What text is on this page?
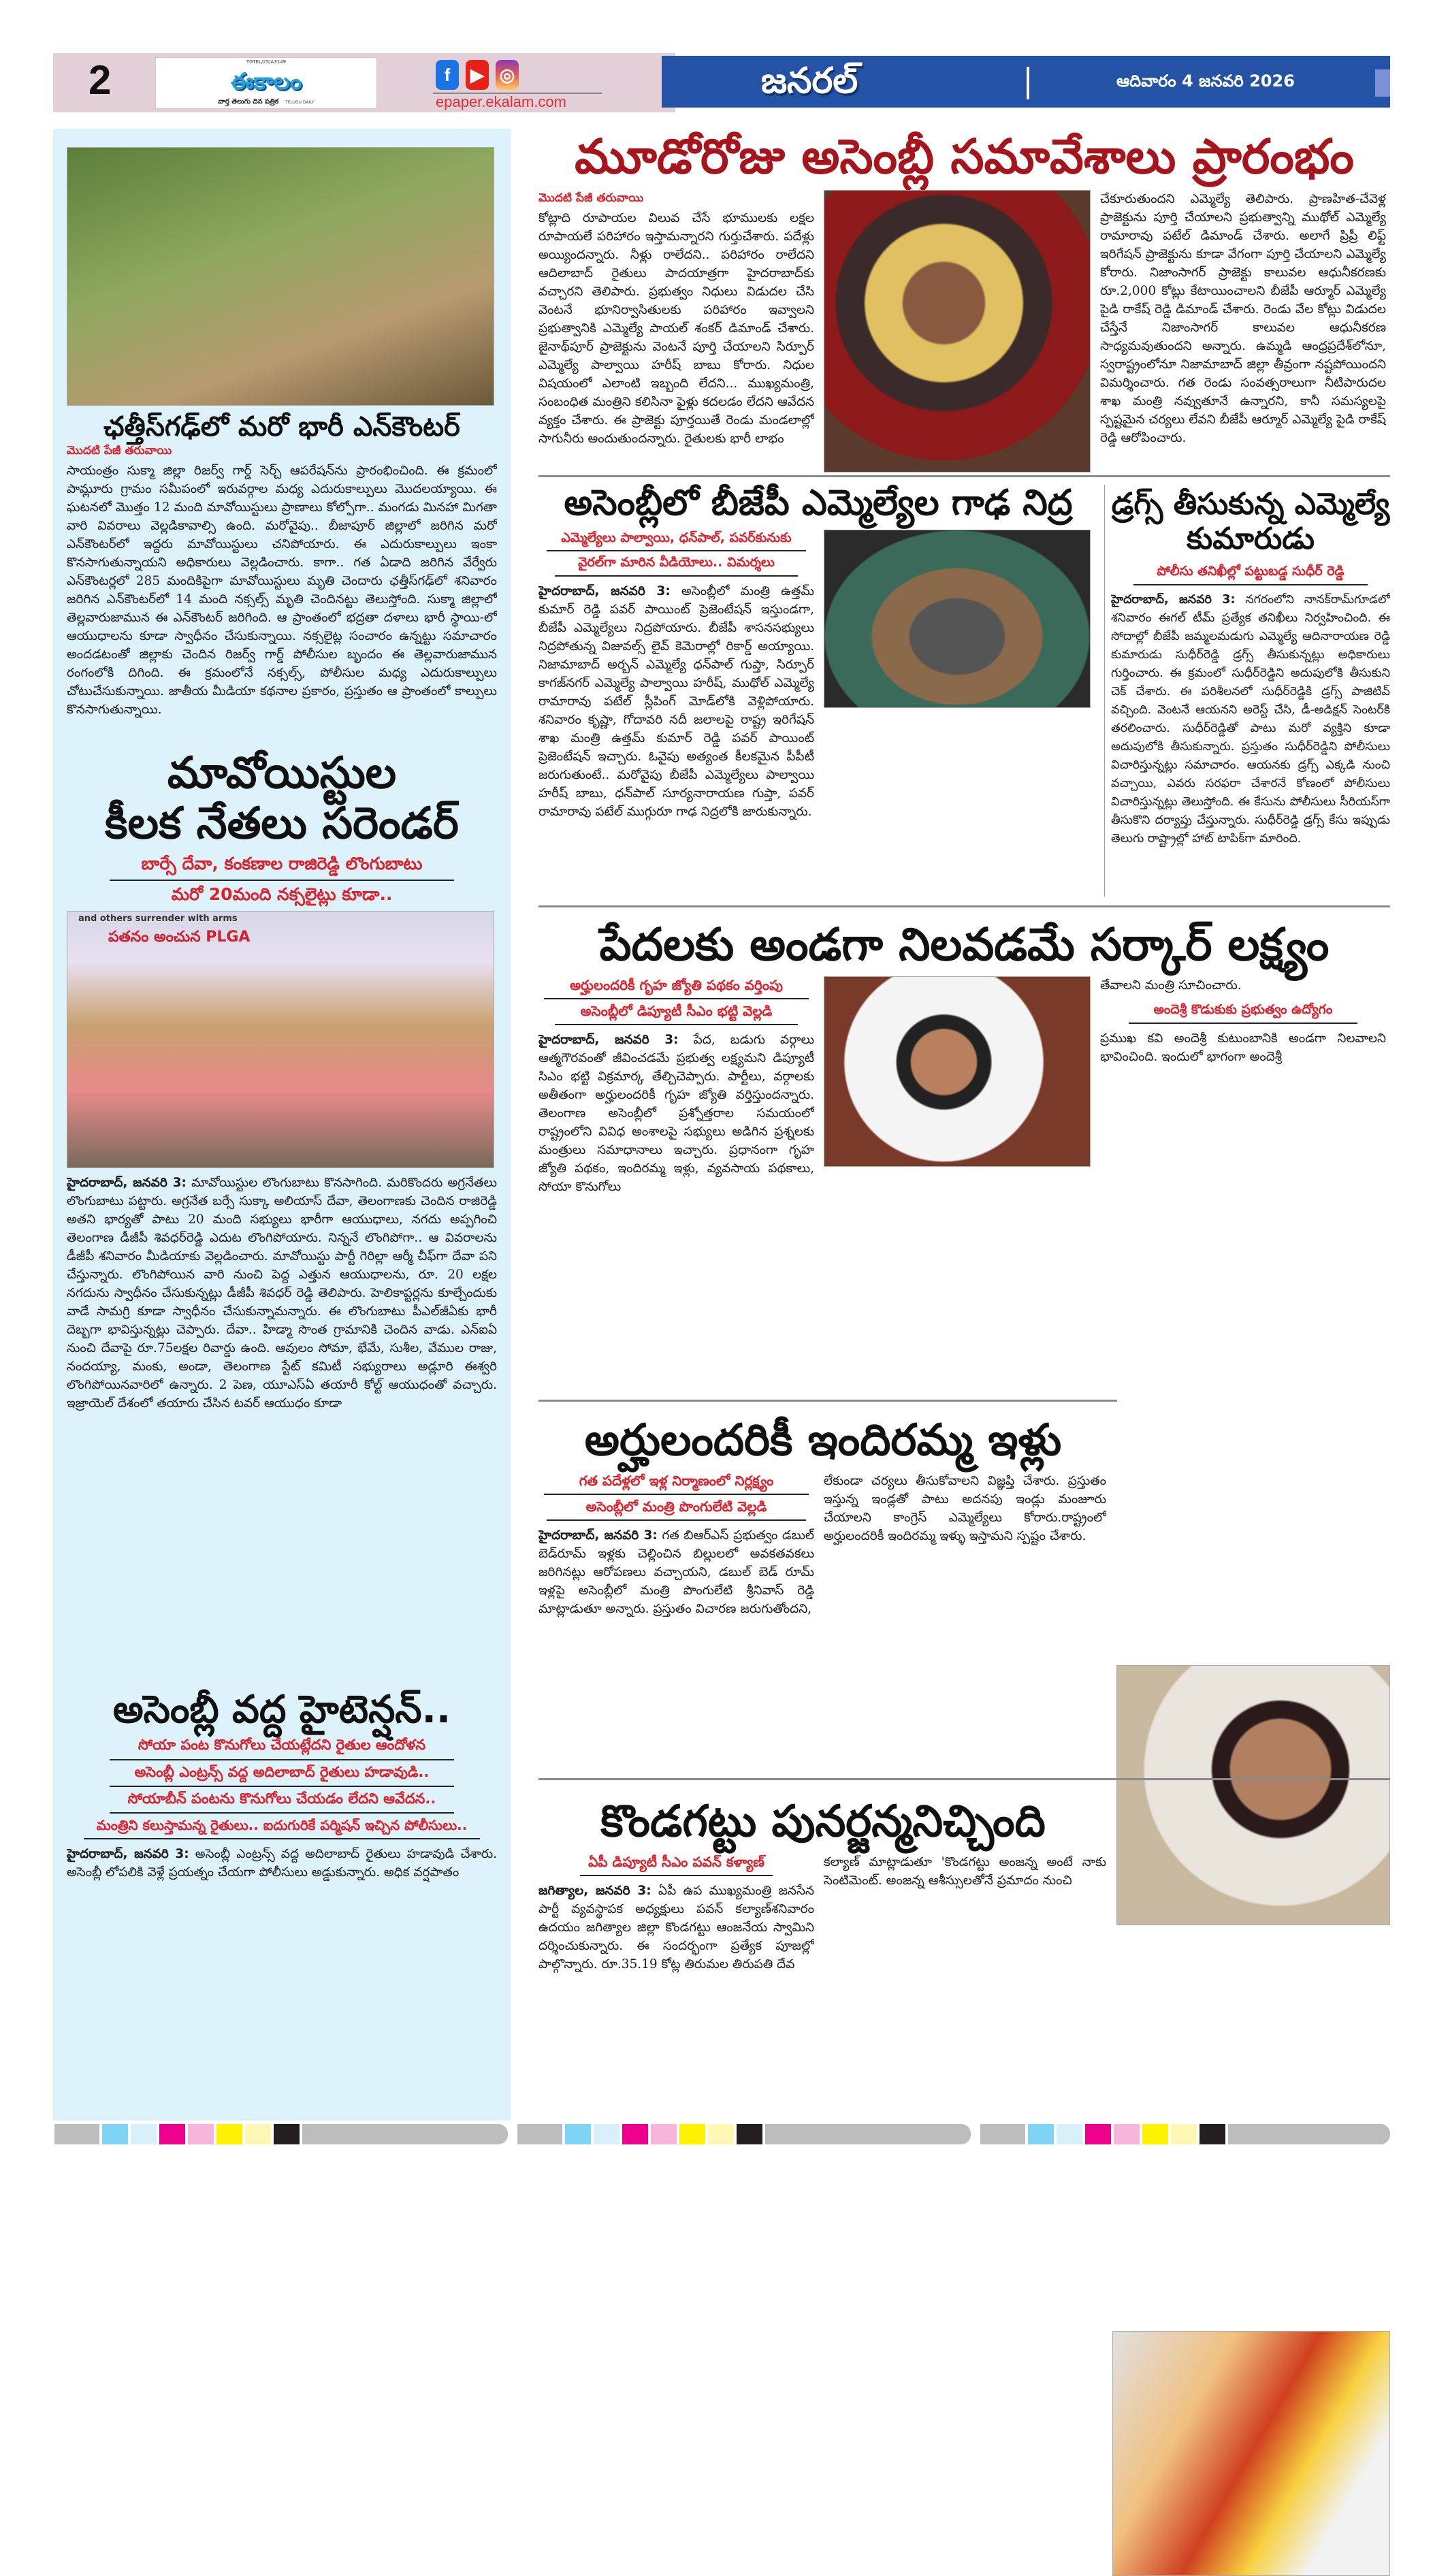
2	TGTEL/25/A3149
ఈకాలం
వార్త తెలుగు దిన పత్రిక TELUGU DAILY
f	▶ ◎
epaper.ekalam.com
జనరల్	ఆదివారం 4 జనవరి 2026
ఛత్తీస్‌గఢ్‌లో మరో భారీ ఎన్‌కౌంటర్
మొదటి పేజీ తరువాయి
సాయంత్రం సుక్మా జిల్లా రిజర్వ్ గార్డ్ సెర్చ్ ఆపరేషన్‌ను ప్రారంభించింది. ఈ క్రమంలో పామ్లూరు గ్రామం సమీపంలో ఇరువర్గాల మధ్య ఎదురుకాల్పులు మొదలయ్యాయి. ఈ ఘటనలో మొత్తం 12 మంది మావోయిస్టులు ప్రాణాలు కోల్పోగా.. మంగడు మినహా మిగతా వారి వివరాలు వెల్లడికావాల్సి ఉంది. మరోవైపు.. బీజాపూర్ జిల్లాలో జరిగిన మరో ఎన్‌కౌంటర్‌లో ఇద్దరు మావోయిస్టులు చనిపోయారు. ఈ ఎదురుకాల్పులు ఇంకా కొనసాగుతున్నాయని అధికారులు వెల్లడించారు. కాగా.. గత ఏడాది జరిగిన వేర్వేరు ఎన్‌కౌంటర్లలో 285 మందికిపైగా మావోయిస్టులు మృతి చెందారు ఛత్తీస్‌గఢ్‌లో శనివారం జరిగిన ఎన్‌కౌంటర్‌లో 14 మంది నక్సల్స్ మృతి చెందినట్టు తెలుస్తోంది. సుక్మా జిల్లాలో తెల్లవారుజామున ఈ ఎన్‌కౌంటర్ జరిగింది. ఆ ప్రాంతంలో భద్రతా దళాలు భారీ స్థాయి-లో ఆయుధాలను కూడా స్వాధీనం చేసుకున్నాయి. నక్సలైట్ల సంచారం ఉన్నట్టు సమాచారం అందడటంతో జిల్లాకు చెందిన రిజర్వ్ గార్డ్ పోలీసుల బృందం ఈ తెల్లవారుజామున రంగంలోకి దిగింది. ఈ క్రమంలోనే నక్సల్స్, పోలీసుల మధ్య ఎదురుకాల్పులు చోటుచేసుకున్నాయి. జాతీయ మీడియా కథనాల ప్రకారం, ప్రస్తుతం ఆ ప్రాంతంలో కాల్పులు కొనసాగుతున్నాయి.
మావోయిస్టుల
కీలక నేతలు సరెండర్
బార్సే దేవా, కంకణాల రాజిరెడ్డి లొంగుబాటు
మరో 20మంది నక్సలైట్లు కూడా..
and others surrender with arms
పతనం అంచున PLGA
హైదరాబాద్, జనవరి 3: మావోయిస్టుల లొంగుబాటు కొనసాగింది. మరికొందరు అగ్రనేతలు లొంగుబాటు పట్టారు. అగ్రనేత బర్సే సుక్కా అలియాస్ దేవా, తెలంగాణకు చెందిన రాజిరెడ్డి అతని భార్యతో పాటు 20 మంది సభ్యులు భారీగా ఆయుధాలు, నగదు అప్పగించి తెలంగాణ డీజీపీ శివధర్‌రెడ్డి ఎదుట లొంగిపోయారు. నిన్ననే లొంగిపోగా.. ఆ వివరాలను డీజీపీ శనివారం మీడియాకు వెల్లడించారు. మావోయిస్టు పార్టీ గెరిల్లా ఆర్మీ చీఫ్‌గా దేవా పని చేస్తున్నారు. లొంగిపోయిన వారి నుంచి పెద్ద ఎత్తున ఆయుధాలను, రూ. 20 లక్షల నగదును స్వాధీనం చేసుకున్నట్లు డీజీపీ శివధర్ రెడ్డి తెలిపారు. హెలికాప్టర్లను కూల్చేందుకు వాడే సామగ్రి కూడా స్వాధీనం చేసుకున్నామన్నారు. ఈ లొంగుబాటు పీఎల్‌జీఏకు భారీ దెబ్బగా భావిస్తున్నట్లు చెప్పారు. దేవా.. హిడ్మా సొంత గ్రామానికి చెందిన వాడు. ఎన్ఐఏ నుంచి దేవాపై రూ.75లక్షల రివార్డు ఉంది. ఆవులం సోమా, భేమే, సుశీల, వేముల రాజు, నందయ్యా, మంకు, అండా, తెలంగాణ స్టేట్ కమిటీ సభ్యురాలు అడ్లూరి ఈశ్వరి లొంగిపోయినవారిలో ఉన్నారు. 2 పెణ, యూఎస్ఏ తయారీ కోల్ట్ ఆయుధంతో వచ్చారు. ఇజ్రాయెల్ దేశంలో తయారు చేసిన టవర్ ఆయుధం కూడా
అసెంబ్లీ వద్ద హైటెన్షన్..
సోయా పంట కొనుగోలు చేయట్లేదని రైతుల ఆందోళన
అసెంబ్లీ ఎంట్రన్స్ వద్ద అదిలాబాద్ రైతులు హడావుడి..
సోయాబీన్ పంటను కొనుగోలు చేయడం లేదని ఆవేదన..
మంత్రిని కలుస్తామన్న రైతులు.. ఐదుగురికే పర్మిషన్ ఇచ్చిన పోలీసులు..
హైదరాబాద్, జనవరి 3: అసెంబ్లీ ఎంట్రన్స్ వద్ద అదిలాబాద్ రైతులు హడావుడి చేశారు. అసెంబ్లీ లోపలికి వెళ్లే ప్రయత్నం చేయగా పోలీసులు అడ్డుకున్నారు. అధిక వర్షపాతం
మూడోరోజు అసెంబ్లీ సమావేశాలు ప్రారంభం
మొదటి పేజీ తరువాయి
కోట్లాది రూపాయల విలువ చేసే భూములకు లక్షల రూపాయలే పరిహారం ఇస్తామన్నారని గుర్తుచేశారు. పదేళ్లు అయ్యిందన్నారు. నీళ్లు రాలేదని.. పరిహారం రాలేదని ఆదిలాబాద్ రైతులు పాదయాత్రగా హైదరాబాద్‌కు వచ్చారని తెలిపారు. ప్రభుత్వం నిధులు విడుదల చేసి వెంటనే భూనిర్వాసితులకు పరిహారం ఇవ్వాలని ప్రభుత్వానికి ఎమ్మెల్యే పాయల్ శంకర్ డిమాండ్ చేశారు. జైనాథ్‌పూర్ ప్రాజెక్టును వెంటనే పూర్తి చేయాలని సిర్పూర్ ఎమ్మెల్యే పాల్వాయి హరీష్ బాబు కోరారు. నిధుల విషయంలో ఎలాంటి ఇబ్బంది లేదని... ముఖ్యమంత్రి, సంబంధిత మంత్రిని కలిసినా ఫైళ్లు కదలడం లేదని ఆవేదన వ్యక్తం చేశారు. ఈ ప్రాజెక్టు పూర్తయితే రెండు మండలాల్లో సాగునీరు అందుతుందన్నారు. రైతులకు భారీ లాభం
చేకూరుతుందని ఎమ్మెల్యే తెలిపారు. ప్రాణహిత-చేవెళ్ల ప్రాజెక్టును పూర్తి చేయాలని ప్రభుత్వాన్ని ముథోల్ ఎమ్మెల్యే రామారావు పటేల్ డిమాండ్ చేశారు. అలాగే ప్రిప్రీ లిఫ్ట్ ఇరిగేషన్ ప్రాజెక్టును కూడా వేగంగా పూర్తి చేయాలని ఎమ్మెల్యే కోరారు. నిజాంసాగర్ ప్రాజెక్టు కాలువల ఆధునీకరణకు రూ.2,000 కోట్లు కేటాయించాలని బీజేపీ ఆర్మూర్ ఎమ్మెల్యే పైడి రాకేష్ రెడ్డి డిమాండ్ చేశారు. రెండు వేల కోట్లు విడుదల చేస్తేనే నిజాంసాగర్ కాలువల ఆధునీకరణ సాధ్యమవుతుందని అన్నారు. ఉమ్మడి ఆంధ్రప్రదేశ్‌లోనూ, స్వరాష్ట్రంలోనూ నిజామాబాద్ జిల్లా తీవ్రంగా నష్టపోయిందని విమర్శించారు. గత రెండు సంవత్సరాలుగా నీటిపారుదల శాఖ మంత్రి నవ్వుతూనే ఉన్నారని, కానీ సమస్యలపై స్పష్టమైన చర్యలు లేవని బీజేపీ ఆర్మూర్ ఎమ్మెల్యే పైడి రాకేష్ రెడ్డి ఆరోపించారు.
అసెంబ్లీలో బీజేపీ ఎమ్మెల్యేల గాఢ నిద్ర
ఎమ్మెల్యేలు పాల్వాయి, ధన్‌పాల్, పవర్‌కునుకు
వైరల్‌గా మారిన వీడియోలు.. విమర్శలు
హైదరాబాద్, జనవరి 3: అసెంబ్లీలో మంత్రి ఉత్తమ్ కుమార్ రెడ్డి పవర్ పాయింట్ ప్రెజెంటేషన్ ఇస్తుండగా, బీజేపీ ఎమ్మెల్యేలు నిద్రపోయారు. బీజేపీ శాసనసభ్యులు నిద్రపోతున్న విజువల్స్ లైవ్ కెమెరాల్లో రికార్డ్ అయ్యాయి. నిజామాబాద్ అర్బన్ ఎమ్మెల్యే ధన్‌పాల్ గుప్తా, సిర్పూర్ కాగజ్‌నగర్ ఎమ్మెల్యే పాల్వాయి హరీష్, ముథోల్ ఎమ్మెల్యే రామారావు పటేల్ స్లీపింగ్ మోడ్‌లోకి వెళ్లిపోయారు. శనివారం కృష్ణా, గోదావరి నదీ జలాలపై రాష్ట్ర ఇరిగేషన్ శాఖ మంత్రి ఉత్తమ్ కుమార్ రెడ్డి పవర్ పాయింట్ ప్రెజెంటేషన్ ఇచ్చారు. ఓవైపు అత్యంత కీలకమైన పీపీటీ జరుగుతుంటే.. మరోవైపు బీజేపీ ఎమ్మెల్యేలు పాల్వాయి హరీష్ బాబు, ధన్‌పాల్ సూర్యనారాయణ గుప్తా, పవర్ రామారావు పటేల్ ముగ్గురూ గాఢ నిద్రలోకి జారుకున్నారు.
డ్రగ్స్ తీసుకున్న ఎమ్మెల్యే కుమారుడు
పోలీసు తనిఖీల్లో పట్టుబడ్డ సుధీర్ రెడ్డి
హైదరాబాద్, జనవరి 3: నగరంలోని నానక్‌రామ్‌గూడలో శనివారం ఈగల్ టీమ్ ప్రత్యేక తనిఖీలు నిర్వహించింది. ఈ సోదాల్లో బీజేపీ జమ్మలమడుగు ఎమ్మెల్యే ఆదినారాయణ రెడ్డి కుమారుడు సుధీర్‌రెడ్డి డ్రగ్స్ తీసుకున్నట్లు అధికారులు గుర్తించారు. ఈ క్రమంలో సుధీర్‌రెడ్డిని అదుపులోకి తీసుకుని చెక్ చేశారు. ఈ పరిశీలనలో సుధీర్‌రెడ్డికి డ్రగ్స్ పాజిటివ్ వచ్చింది. వెంటనే ఆయనని అరెస్ట్ చేసి, డీ-అడిక్షన్ సెంటర్‌కి తరలించారు. సుధీర్‌రెడ్డితో పాటు మరో వ్యక్తిని కూడా అదుపులోకి తీసుకున్నారు. ప్రస్తుతం సుధీర్‌రెడ్డిని పోలీసులు విచారిస్తున్నట్లు సమాచారం. ఆయనకు డ్రగ్స్ ఎక్కడి నుంచి వచ్చాయి, ఎవరు సరఫరా చేశారనే కోణంలో పోలీసులు విచారిస్తున్నట్లు తెలుస్తోంది. ఈ కేసును పోలీసులు సీరియస్‌గా తీసుకొని దర్యాప్తు చేస్తున్నారు. సుధీర్‌రెడ్డి డ్రగ్స్ కేసు ఇప్పుడు తెలుగు రాష్ట్రాల్లో హాట్ టాపిక్‌గా మారింది.
పేదలకు అండగా నిలవడమే సర్కార్ లక్ష్యం
అర్హులందరికీ గృహ జ్యోతి పథకం వర్తింపు
అసెంబ్లీలో డిప్యూటీ సీఎం భట్టి వెల్లడి
హైదరాబాద్, జనవరి 3: పేద, బడుగు వర్గాలు ఆత్మగౌరవంతో జీవించడమే ప్రభుత్వ లక్ష్యమని డిప్యూటీ సిఎం భట్టి విక్రమార్క తేల్చిచెప్పారు. పార్టీలు, వర్గాలకు అతీతంగా అర్హులందరికీ గృహ జ్యోతి వర్తిస్తుందన్నారు. తెలంగాణ అసెంబ్లీలో ప్రశ్నోత్తరాల సమయంలో రాష్ట్రంలోని వివిధ అంశాలపై సభ్యులు అడిగిన ప్రశ్నలకు మంత్రులు సమాధానాలు ఇచ్చారు. ప్రధానంగా గృహ జ్యోతి పథకం, ఇందిరమ్మ ఇళ్లు, వ్యవసాయ పథకాలు, సోయా కొనుగోలు
తేవాలని మంత్రి సూచించారు.
అందెశ్రీ కొడుకుకు ప్రభుత్వం ఉద్యోగం
ప్రముఖ కవి అందెశ్రీ కుటుంబానికి అండగా నిలవాలని భావించింది. ఇందులో భాగంగా అందెశ్రీ
అర్హులందరికీ ఇందిరమ్మ ఇళ్లు
గత పదేళ్లలో ఇళ్ల నిర్మాణంలో నిర్లక్ష్యం
అసెంబ్లీలో మంత్రి పొంగులేటి వెల్లడి
హైదరాబాద్, జనవరి 3: గత బిఆర్ఎస్ ప్రభుత్వం డబుల్ బెడ్‌రూమ్ ఇళ్లకు చెల్లించిన బిల్లులలో అవకతవకలు జరిగినట్లు ఆరోపణలు వచ్చాయని, డబుల్ బెడ్ రూమ్ ఇళ్లపై అసెంబ్లీలో మంత్రి పొంగులేటి శ్రీనివాస్ రెడ్డి మాట్లాడుతూ అన్నారు. ప్రస్తుతం విచారణ జరుగుతోందని,
లేకుండా చర్యలు తీసుకోవాలని విజ్ఞప్తి చేశారు. ప్రస్తుతం ఇస్తున్న ఇండ్లతో పాటు అదనపు ఇండ్లు మంజూరు చేయాలని కాంగ్రెస్ ఎమ్మెల్యేలు కోరారు.రాష్ట్రంలో అర్హులందరికీ ఇందిరమ్మ ఇళ్ళు ఇస్తామని స్పష్టం చేశారు.
కొండగట్టు పునర్జన్మనిచ్చింది
ఏపీ డిప్యూటీ సీఎం పవన్ కళ్యాణ్
జగిత్యాల, జనవరి 3: ఏపీ ఉప ముఖ్యమంత్రి జనసేన పార్టీ వ్యవస్థాపక అధ్యక్షులు పవన్ కల్యాణ్‌శనివారం ఉదయం జగిత్యాల జిల్లా కొండగట్టు ఆంజనేయ స్వామిని దర్శించుకున్నారు. ఈ సందర్భంగా ప్రత్యేక పూజల్లో పాల్గొన్నారు. రూ.35.19 కోట్ల తిరుమల తిరుపతి దేవ
కల్యాణ్ మాట్లాడుతూ 'కొండగట్టు అంజన్న అంటే నాకు సెంటిమెంట్. అంజన్న ఆశీస్సులతోనే ప్రమాదం నుంచి
